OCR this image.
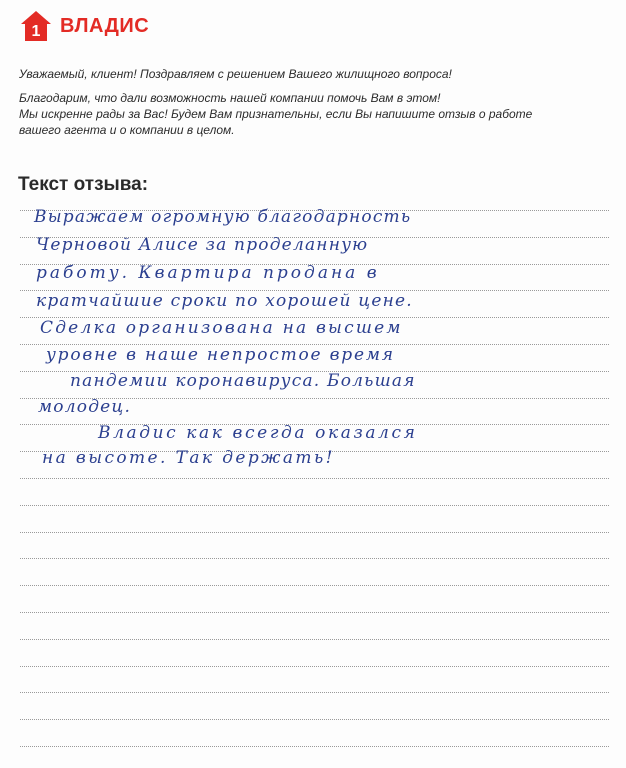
1 ВЛАДИС

Уважаемый, клиент! Поздравляем с решением Вашего жилищного вопроса!

Благодарим, что дали возможность нашей компании помочь Вам в этом!

Мы искренне рады за Вас! Будем Вам признательны, если Вы напишите отзыв о работе

вашего агента и о компании в целом.

Текст отзыва:
Выражаем огромную благодарность
Черновой Алисе за проделанную
работу. Квартира продана в
кратчайшие сроки по хорошей цене.
Сделка организована на высшем
уровне в наше непростое время
пандемии коронавируса. Большая
молодец.
Владис как всегда оказался
на высоте. Так держать!
